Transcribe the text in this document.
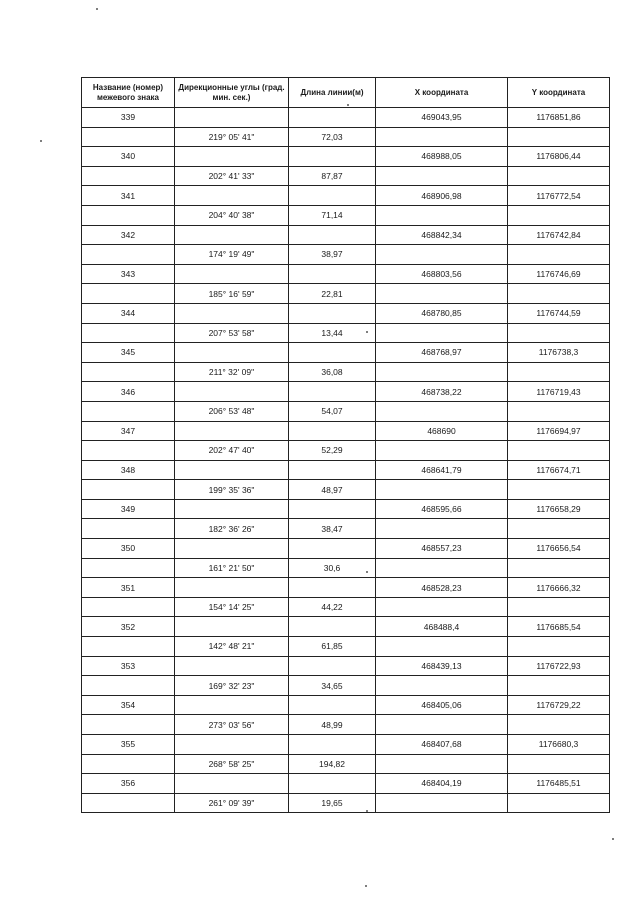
Название (номер) межевого знака	Дирекционные углы (град. мин. сек.)	Длина линии(м)	X координата	Y координата
339			469043,95	1176851,86
	219° 05' 41"	72,03		
340			468988,05	1176806,44
	202° 41' 33"	87,87		
341			468906,98	1176772,54
	204° 40' 38"	71,14		
342			468842,34	1176742,84
	174° 19' 49"	38,97		
343			468803,56	1176746,69
	185° 16' 59"	22,81		
344			468780,85	1176744,59
	207° 53' 58"	13,44		
345			468768,97	1176738,3
	211° 32' 09"	36,08		
346			468738,22	1176719,43
	206° 53' 48"	54,07		
347			468690	1176694,97
	202° 47' 40"	52,29		
348			468641,79	1176674,71
	199° 35' 36"	48,97		
349			468595,66	1176658,29
	182° 36' 26"	38,47		
350			468557,23	1176656,54
	161° 21' 50"	30,6		
351			468528,23	1176666,32
	154° 14' 25"	44,22		
352			468488,4	1176685,54
	142° 48' 21"	61,85		
353			468439,13	1176722,93
	169° 32' 23"	34,65		
354			468405,06	1176729,22
	273° 03' 56"	48,99		
355			468407,68	1176680,3
	268° 58' 25"	194,82		
356			468404,19	1176485,51
	261° 09' 39"	19,65		
